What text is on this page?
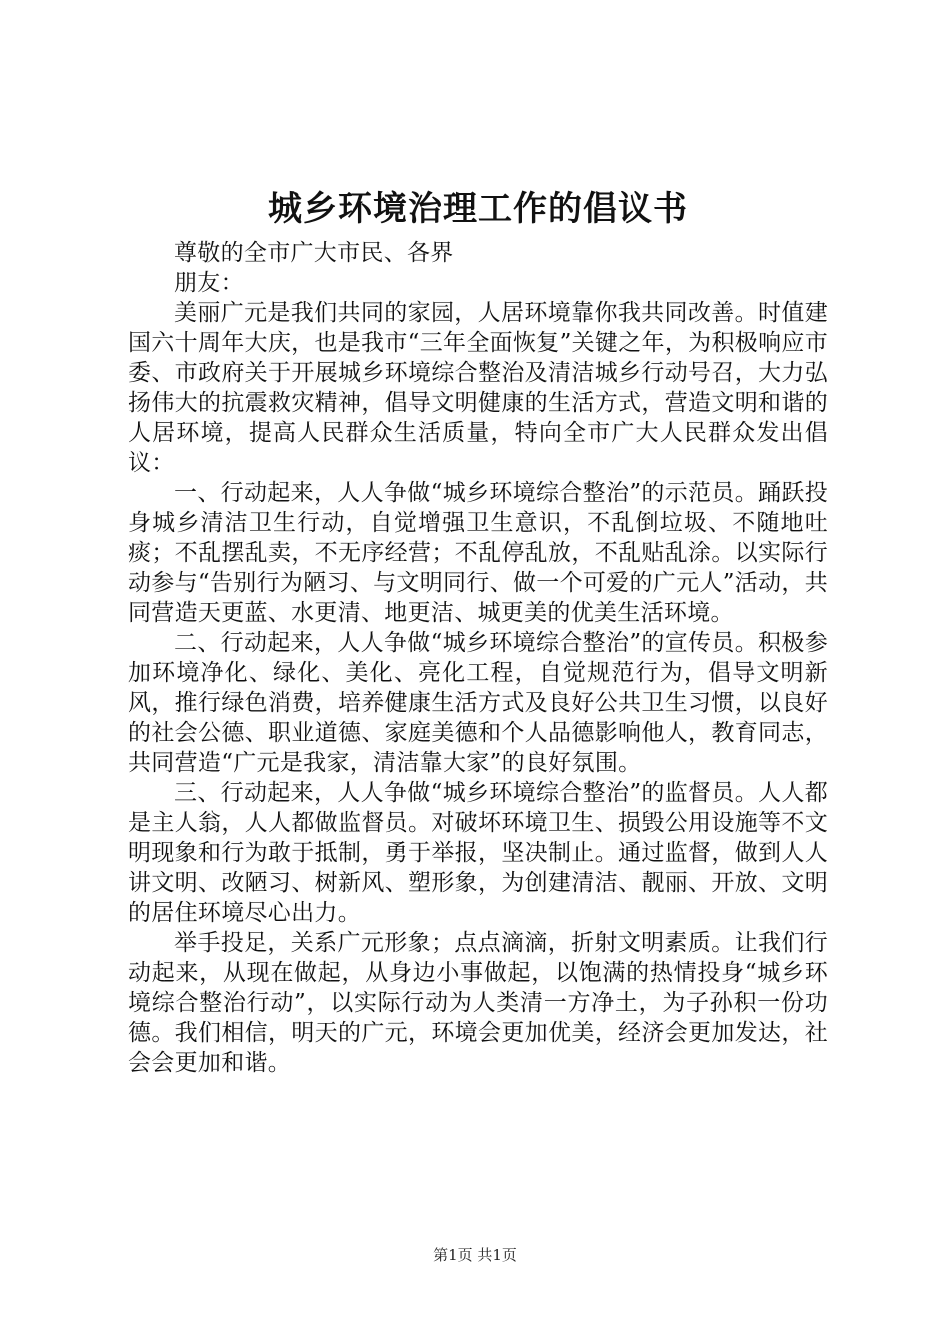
城乡环境治理工作的倡议书

尊敬的全市广大市民、各界

朋友：

美丽广元是我们共同的家园，人居环境靠你我共同改善。时值建国六十周年大庆，也是我市“三年全面恢复”关键之年，为积极响应市委、市政府关于开展城乡环境综合整治及清洁城乡行动号召，大力弘扬伟大的抗震救灾精神，倡导文明健康的生活方式，营造文明和谐的人居环境，提高人民群众生活质量，特向全市广大人民群众发出倡议：

一、行动起来，人人争做“城乡环境综合整治”的示范员。踊跃投身城乡清洁卫生行动，自觉增强卫生意识，不乱倒垃圾、不随地吐痰；不乱摆乱卖，不无序经营；不乱停乱放，不乱贴乱涂。以实际行动参与“告别行为陋习、与文明同行、做一个可爱的广元人”活动，共同营造天更蓝、水更清、地更洁、城更美的优美生活环境。

二、行动起来，人人争做“城乡环境综合整治”的宣传员。积极参加环境净化、绿化、美化、亮化工程，自觉规范行为，倡导文明新风，推行绿色消费，培养健康生活方式及良好公共卫生习惯，以良好的社会公德、职业道德、家庭美德和个人品德影响他人，教育同志，共同营造“广元是我家，清洁靠大家”的良好氛围。

三、行动起来，人人争做“城乡环境综合整治”的监督员。人人都是主人翁，人人都做监督员。对破坏环境卫生、损毁公用设施等不文明现象和行为敢于抵制，勇于举报，坚决制止。通过监督，做到人人讲文明、改陋习、树新风、塑形象，为创建清洁、靓丽、开放、文明的居住环境尽心出力。

举手投足，关系广元形象；点点滴滴，折射文明素质。让我们行动起来，从现在做起，从身边小事做起，以饱满的热情投身“城乡环境综合整治行动”，以实际行动为人类清一方净土，为子孙积一份功德。我们相信，明天的广元，环境会更加优美，经济会更加发达，社会会更加和谐。

第1页 共1页
